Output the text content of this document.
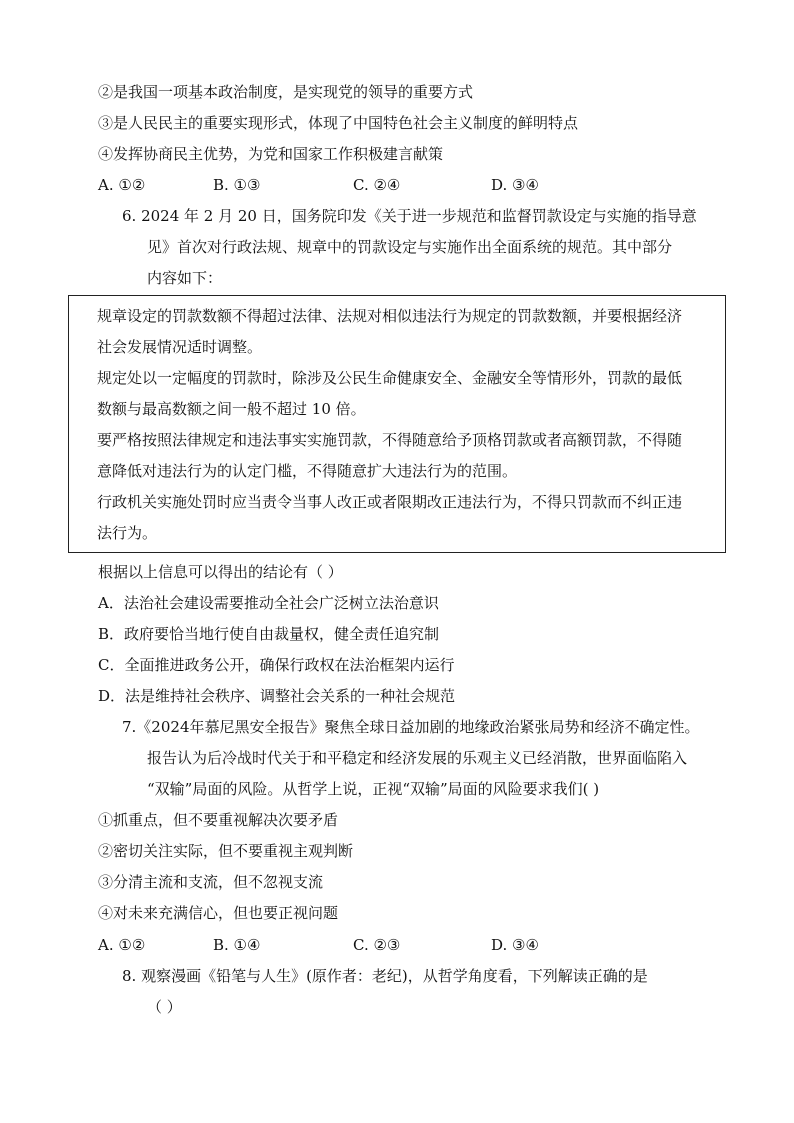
②是我国一项基本政治制度，是实现党的领导的重要方式
③是人民民主的重要实现形式，体现了中国特色社会主义制度的鲜明特点
④发挥协商民主优势，为党和国家工作积极建言献策
A. ①②	B. ①③	C. ②④	D. ③④
6. 2024 年 2 月 20 日，国务院印发《关于进一步规范和监督罚款设定与实施的指导意
见》首次对行政法规、规章中的罚款设定与实施作出全面系统的规范。其中部分
内容如下：
规章设定的罚款数额不得超过法律、法规对相似违法行为规定的罚款数额，并要根据经济
社会发展情况适时调整。
规定处以一定幅度的罚款时，除涉及公民生命健康安全、金融安全等情形外，罚款的最低
数额与最高数额之间一般不超过 10 倍。
要严格按照法律规定和违法事实实施罚款，不得随意给予顶格罚款或者高额罚款，不得随
意降低对违法行为的认定门槛，不得随意扩大违法行为的范围。
行政机关实施处罚时应当责令当事人改正或者限期改正违法行为，不得只罚款而不纠正违
法行为。
根据以上信息可以得出的结论有（ ）
A．法治社会建设需要推动全社会广泛树立法治意识
B．政府要恰当地行使自由裁量权，健全责任追究制
C．全面推进政务公开，确保行政权在法治框架内运行
D．法是维持社会秩序、调整社会关系的一种社会规范
7.《2024年慕尼黑安全报告》聚焦全球日益加剧的地缘政治紧张局势和经济不确定性。
报告认为后冷战时代关于和平稳定和经济发展的乐观主义已经消散，世界面临陷入
“双输”局面的风险。从哲学上说，正视“双输”局面的风险要求我们( )
①抓重点，但不要重视解决次要矛盾
②密切关注实际，但不要重视主观判断
③分清主流和支流，但不忽视支流
④对未来充满信心，但也要正视问题
A. ①②	B. ①④	C. ②③	D. ③④
8. 观察漫画《铅笔与人生》(原作者：老纪)，从哲学角度看，下列解读正确的是
（ ）
